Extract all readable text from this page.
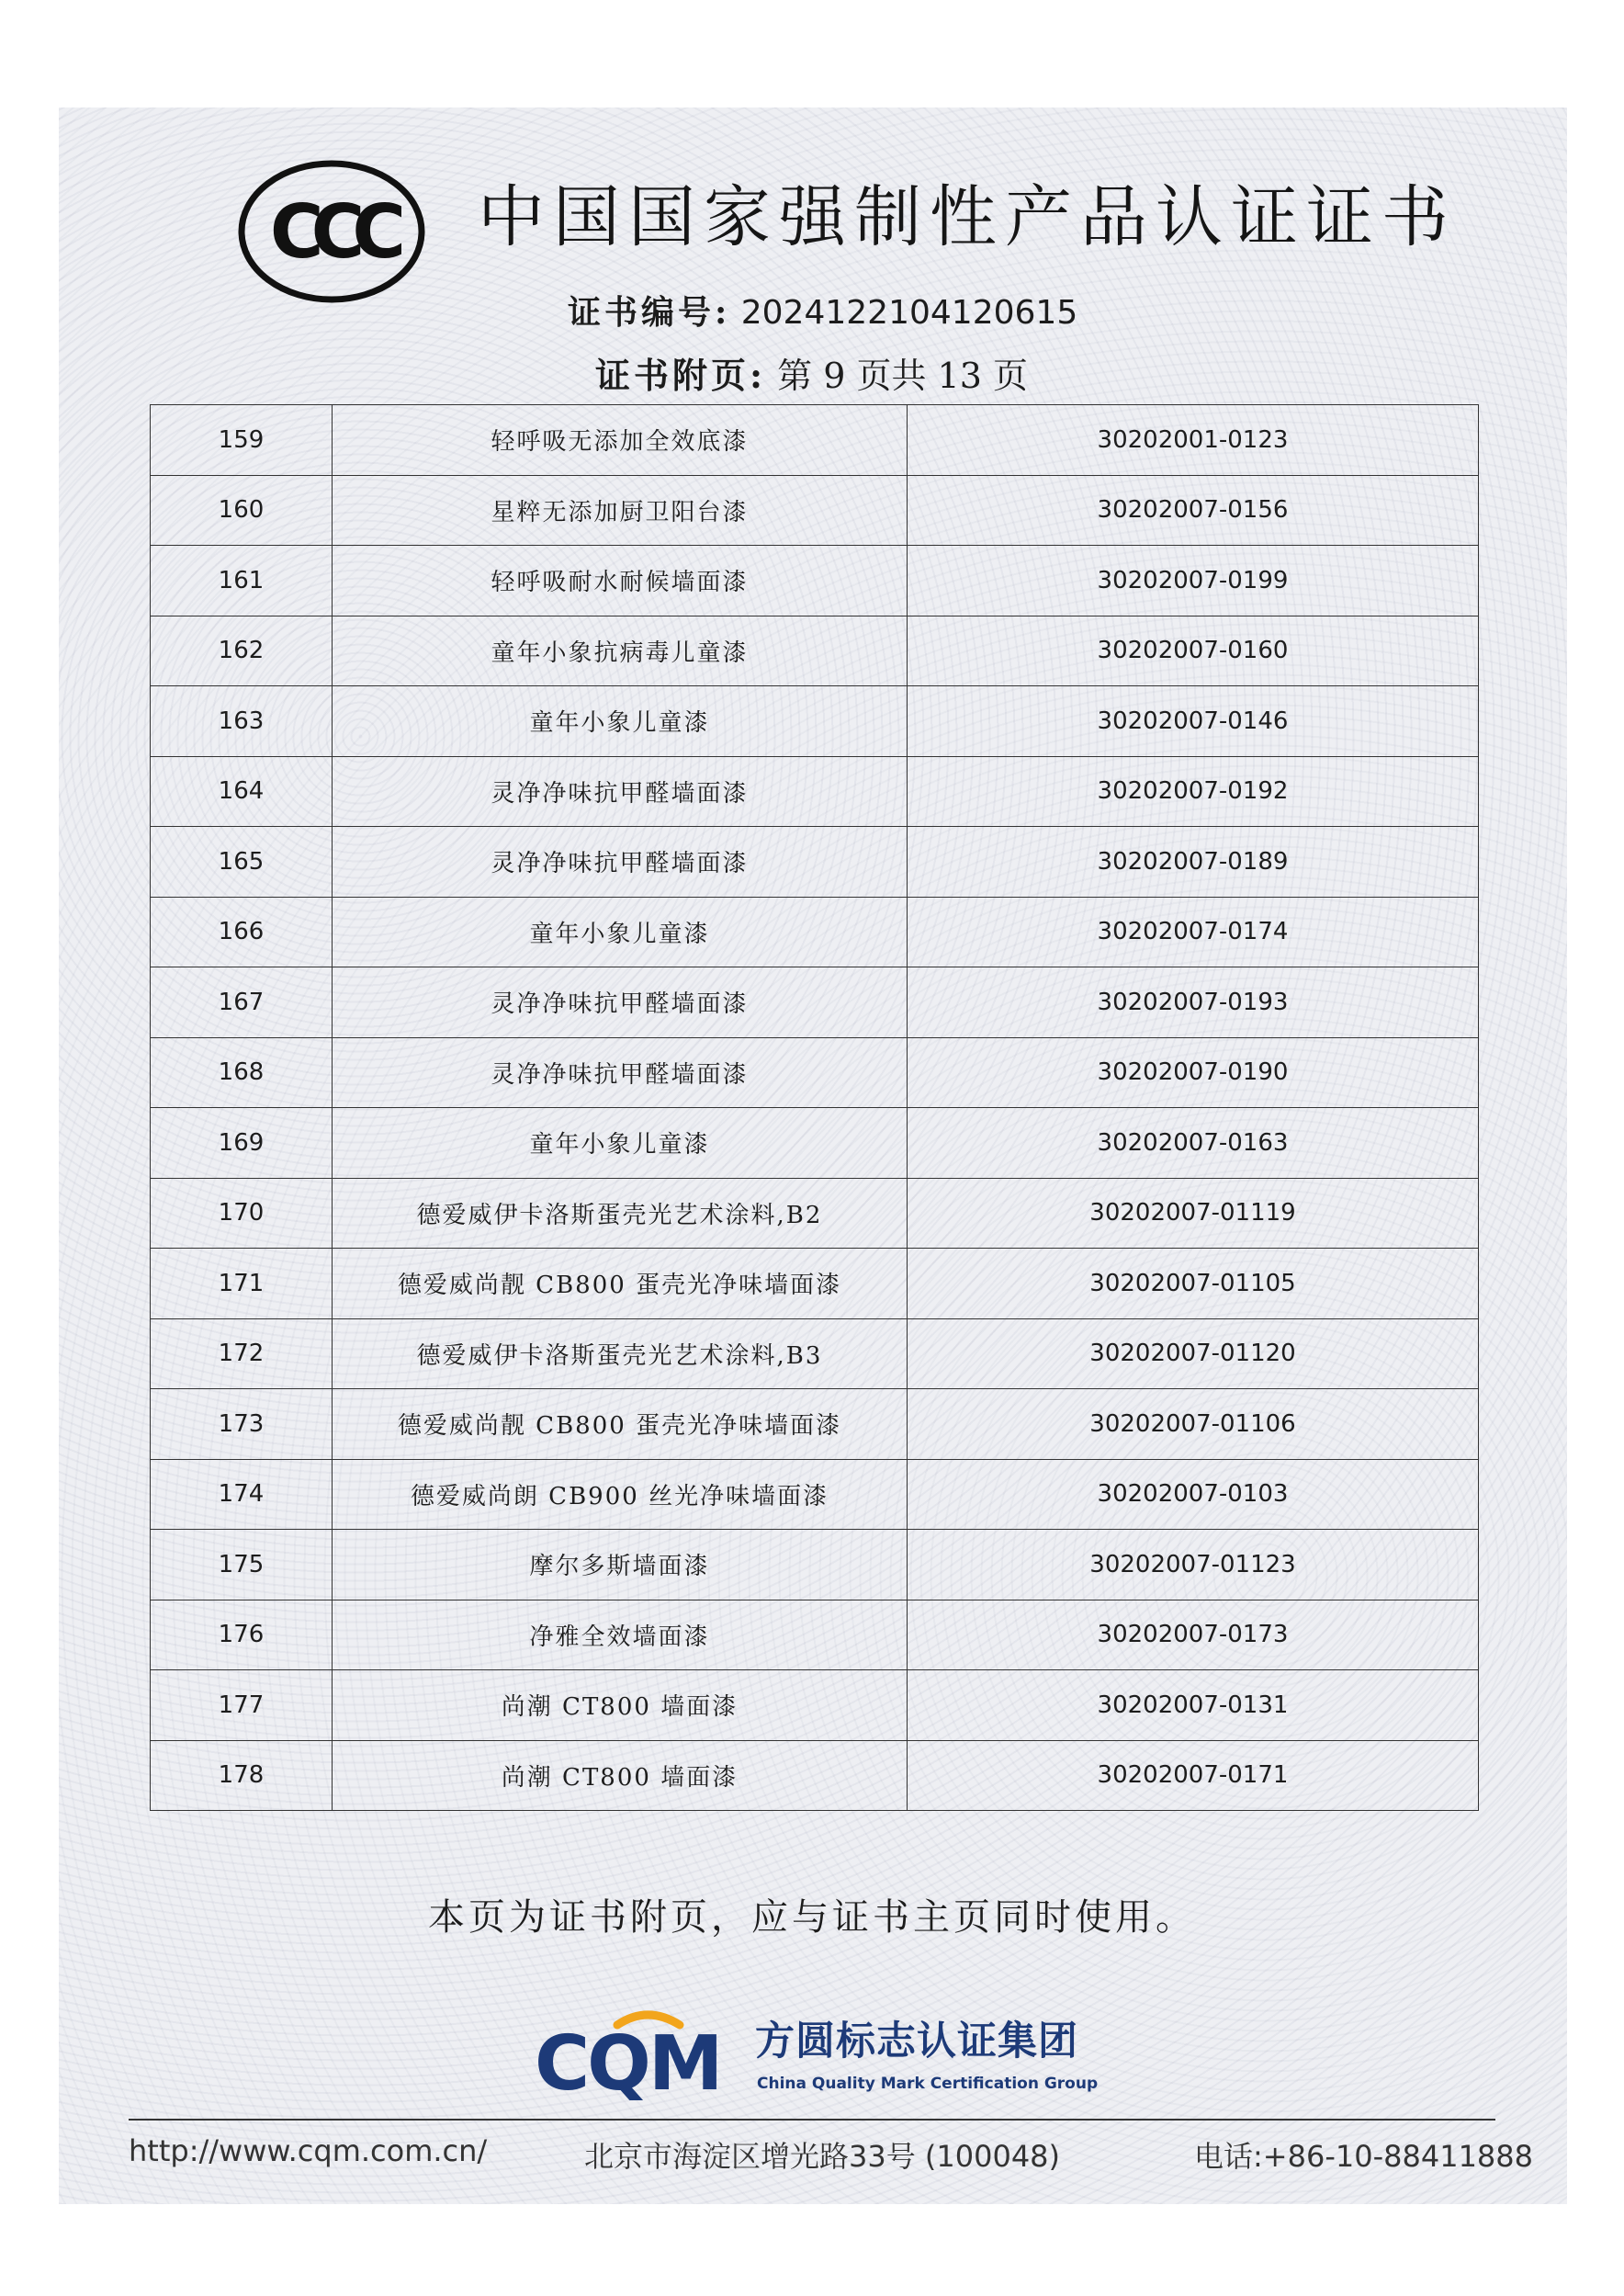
CCC 中国国家强制性产品认证证书
证书编号: 2024122104120615
证书附页: 第 9 页共 13 页
159	轻呼吸无添加全效底漆	30202001-0123
160	星粹无添加厨卫阳台漆	30202007-0156
161	轻呼吸耐水耐候墙面漆	30202007-0199
162	童年小象抗病毒儿童漆	30202007-0160
163	童年小象儿童漆	30202007-0146
164	灵净净味抗甲醛墙面漆	30202007-0192
165	灵净净味抗甲醛墙面漆	30202007-0189
166	童年小象儿童漆	30202007-0174
167	灵净净味抗甲醛墙面漆	30202007-0193
168	灵净净味抗甲醛墙面漆	30202007-0190
169	童年小象儿童漆	30202007-0163
170	德爱威伊卡洛斯蛋壳光艺术涂料,B2	30202007-01119
171	德爱威尚靓 CB800 蛋壳光净味墙面漆	30202007-01105
172	德爱威伊卡洛斯蛋壳光艺术涂料,B3	30202007-01120
173	德爱威尚靓 CB800 蛋壳光净味墙面漆	30202007-01106
174	德爱威尚朗 CB900 丝光净味墙面漆	30202007-0103
175	摩尔多斯墙面漆	30202007-01123
176	净雅全效墙面漆	30202007-0173
177	尚潮 CT800 墙面漆	30202007-0131
178	尚潮 CT800 墙面漆	30202007-0171
本页为证书附页，应与证书主页同时使用。
CQM 方圆标志认证集团
China Quality Mark Certification Group
http://www.cqm.com.cn/	北京市海淀区增光路33号 (100048)	电话:+86-10-88411888
